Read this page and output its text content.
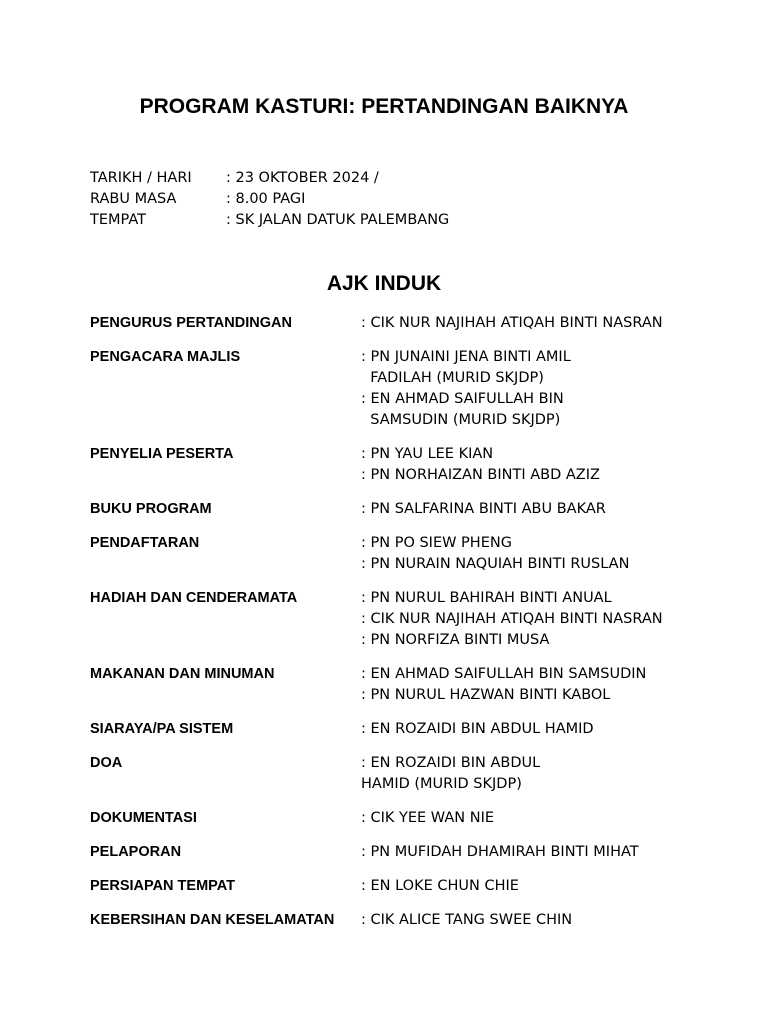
PROGRAM KASTURI: PERTANDINGAN BAIKNYA
TARIKH / HARI : 23 OKTOBER 2024 /
RABU MASA	: 8.00 PAGI
TEMPAT	: SK JALAN DATUK PALEMBANG
AJK INDUK
PENGURUS PERTANDINGAN	: CIK NUR NAJIHAH ATIQAH BINTI NASRAN
PENGACARA MAJLIS	: PN JUNAINI JENA BINTI AMIL
FADILAH (MURID SKJDP)
: EN AHMAD SAIFULLAH BIN
SAMSUDIN (MURID SKJDP)
PENYELIA PESERTA	: PN YAU LEE KIAN
: PN NORHAIZAN BINTI ABD AZIZ
BUKU PROGRAM	: PN SALFARINA BINTI ABU BAKAR
PENDAFTARAN	: PN PO SIEW PHENG
: PN NURAIN NAQUIAH BINTI RUSLAN
HADIAH DAN CENDERAMATA	: PN NURUL BAHIRAH BINTI ANUAL
: CIK NUR NAJIHAH ATIQAH BINTI NASRAN
: PN NORFIZA BINTI MUSA
MAKANAN DAN MINUMAN	: EN AHMAD SAIFULLAH BIN SAMSUDIN
: PN NURUL HAZWAN BINTI KABOL
SIARAYA/PA SISTEM	: EN ROZAIDI BIN ABDUL HAMID
DOA	: EN ROZAIDI BIN ABDUL
HAMID (MURID SKJDP)
DOKUMENTASI	: CIK YEE WAN NIE
PELAPORAN	: PN MUFIDAH DHAMIRAH BINTI MIHAT
PERSIAPAN TEMPAT	: EN LOKE CHUN CHIE
KEBERSIHAN DAN KESELAMATAN	: CIK ALICE TANG SWEE CHIN
